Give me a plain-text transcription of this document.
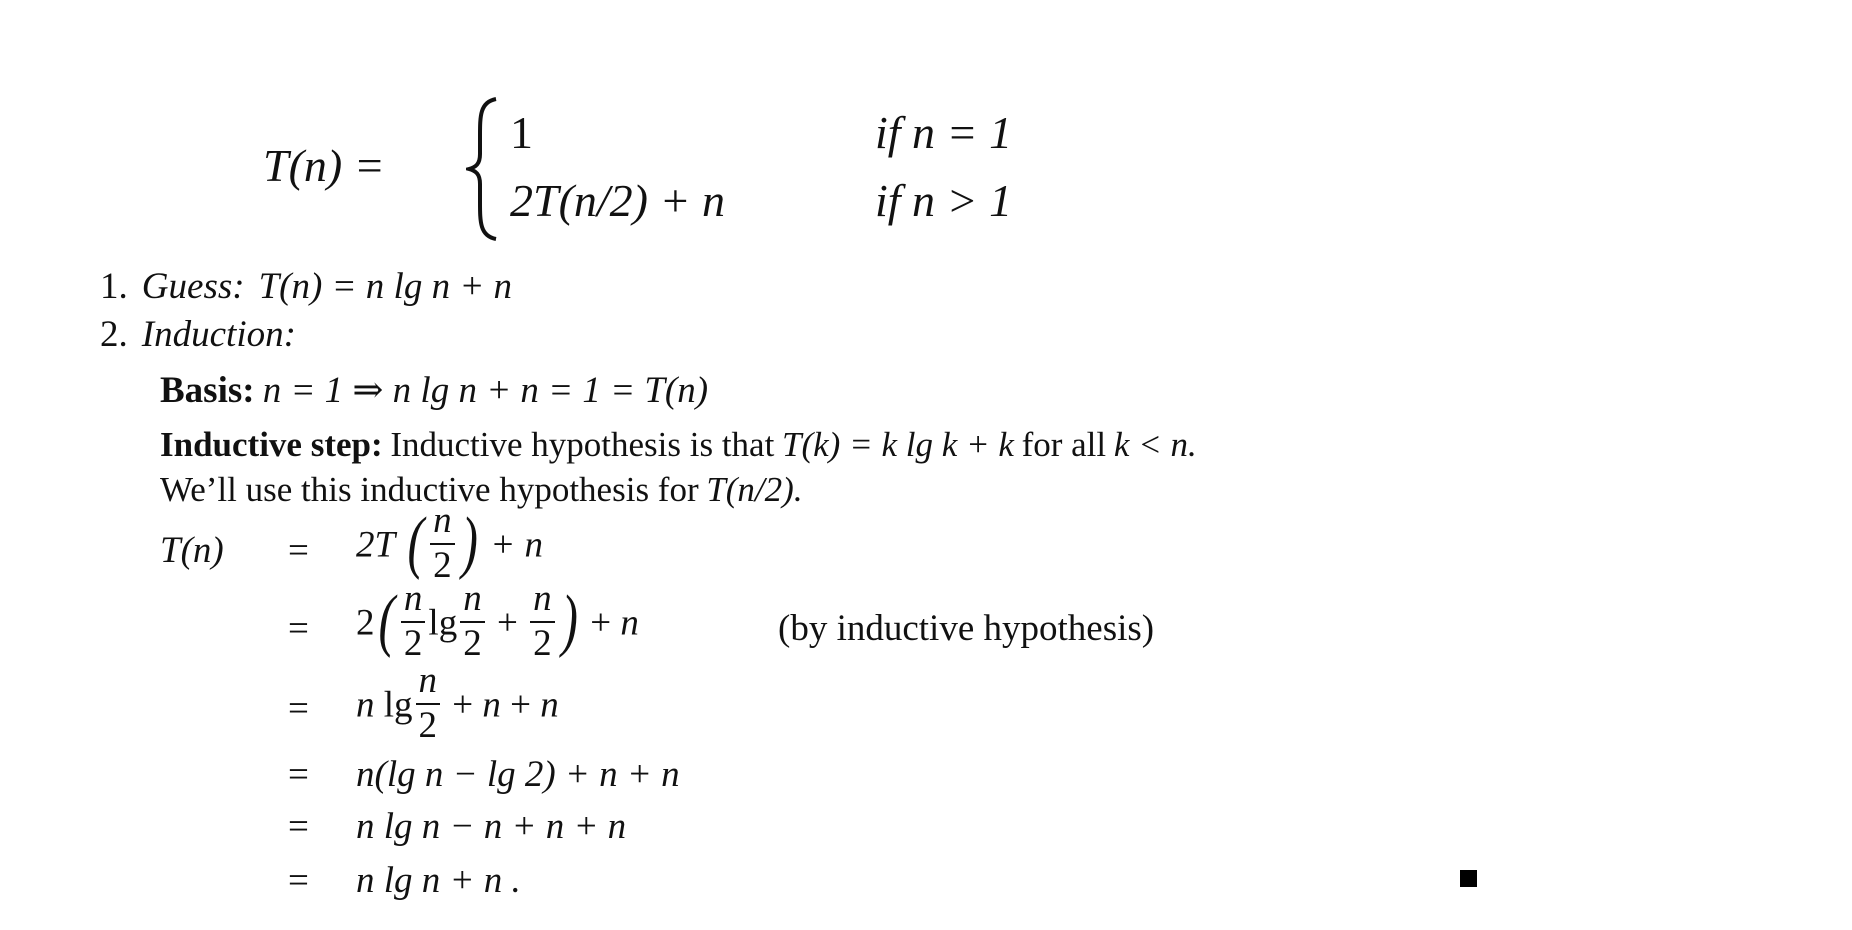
T(n) =
1	if n = 1
2T(n/2) + n	if n > 1
1. Guess: T(n) = n lg n + n
2. Induction:
Basis: n = 1 ⇒ n lg n + n = 1 = T(n)
Inductive step: Inductive hypothesis is that T(k) = k lg k + k for all k < n.
We’ll use this inductive hypothesis for T(n/2).
T(n) = 2T ( $\frac{n}{2}$ ) + n
= $2( \frac{n}{2}$ $\lg \frac{n}{2} + \frac{n}{2}$ ) + n	(by inductive hypothesis)
= n $\lg \frac{n}{2} + n + n$
= n(lg n − lg 2) + n + n
= n lg n − n + n + n
= n lg n + n .
